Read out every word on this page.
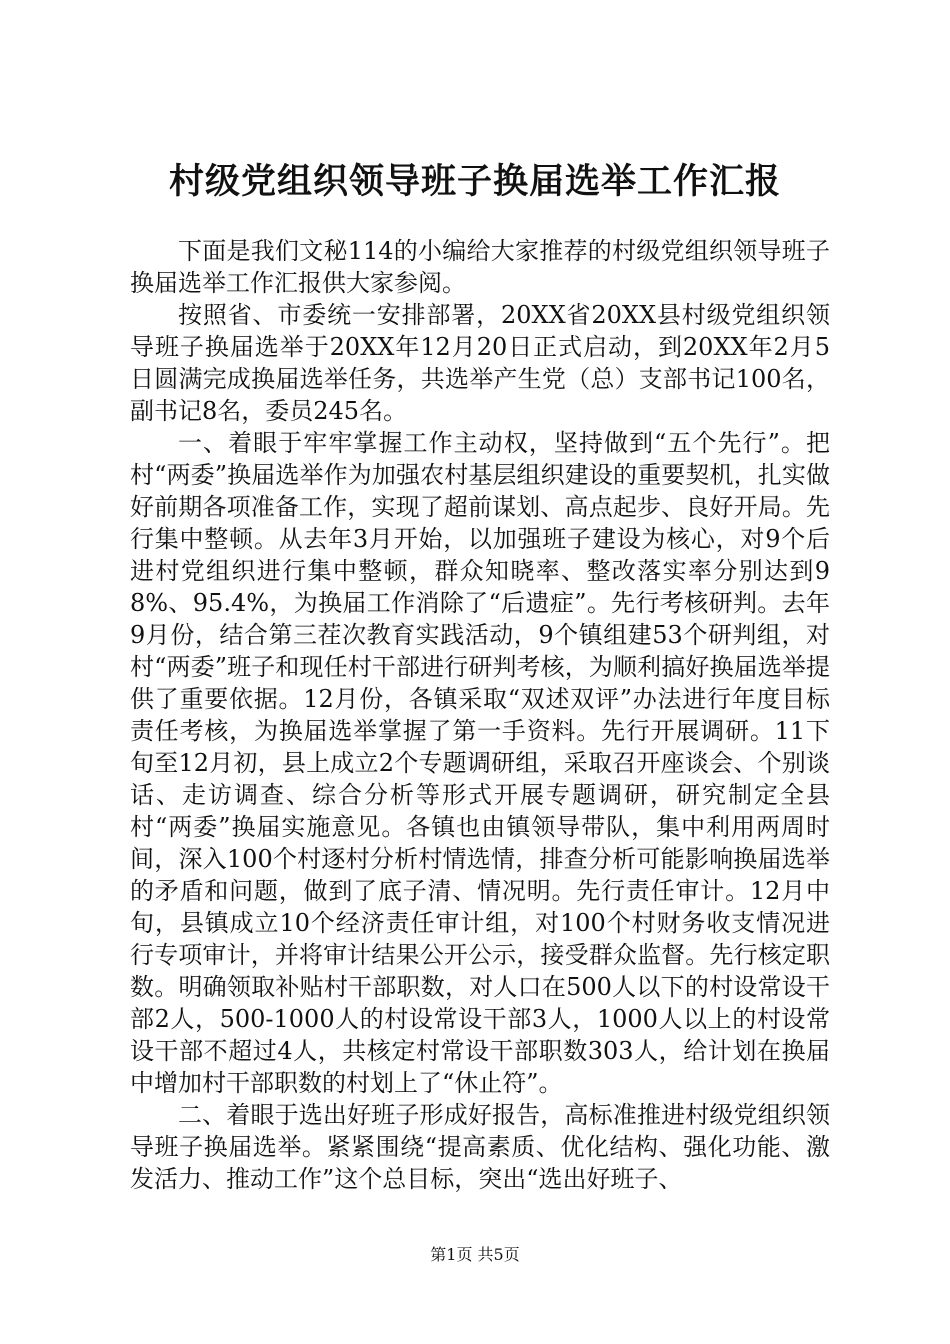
村级党组织领导班子换届选举工作汇报

下面是我们文秘114的小编给大家推荐的村级党组织领导班子换届选举工作汇报供大家参阅。

按照省、市委统一安排部署，20XX省20XX县村级党组织领导班子换届选举于20XX年12月20日正式启动，到20XX年2月5日圆满完成换届选举任务，共选举产生党（总）支部书记100名，副书记8名，委员245名。

一、着眼于牢牢掌握工作主动权，坚持做到“五个先行”。把村“两委”换届选举作为加强农村基层组织建设的重要契机，扎实做好前期各项准备工作，实现了超前谋划、高点起步、良好开局。先行集中整顿。从去年3月开始，以加强班子建设为核心，对9个后进村党组织进行集中整顿，群众知晓率、整改落实率分别达到98%、95.4%，为换届工作消除了“后遗症”。先行考核研判。去年9月份，结合第三茬次教育实践活动，9个镇组建53个研判组，对村“两委”班子和现任村干部进行研判考核，为顺利搞好换届选举提供了重要依据。12月份，各镇采取“双述双评”办法进行年度目标责任考核，为换届选举掌握了第一手资料。先行开展调研。11下旬至12月初，县上成立2个专题调研组，采取召开座谈会、个别谈话、走访调查、综合分析等形式开展专题调研，研究制定全县村“两委”换届实施意见。各镇也由镇领导带队，集中利用两周时间，深入100个村逐村分析村情选情，排查分析可能影响换届选举的矛盾和问题，做到了底子清、情况明。先行责任审计。12月中旬，县镇成立10个经济责任审计组，对100个村财务收支情况进行专项审计，并将审计结果公开公示，接受群众监督。先行核定职数。明确领取补贴村干部职数，对人口在500人以下的村设常设干部2人，500-1000人的村设常设干部3人，1000人以上的村设常设干部不超过4人，共核定村常设干部职数303人，给计划在换届中增加村干部职数的村划上了“休止符”。

二、着眼于选出好班子形成好报告，高标准推进村级党组织领导班子换届选举。紧紧围绕“提高素质、优化结构、强化功能、激发活力、推动工作”这个总目标，突出“选出好班子、

第1页 共5页
